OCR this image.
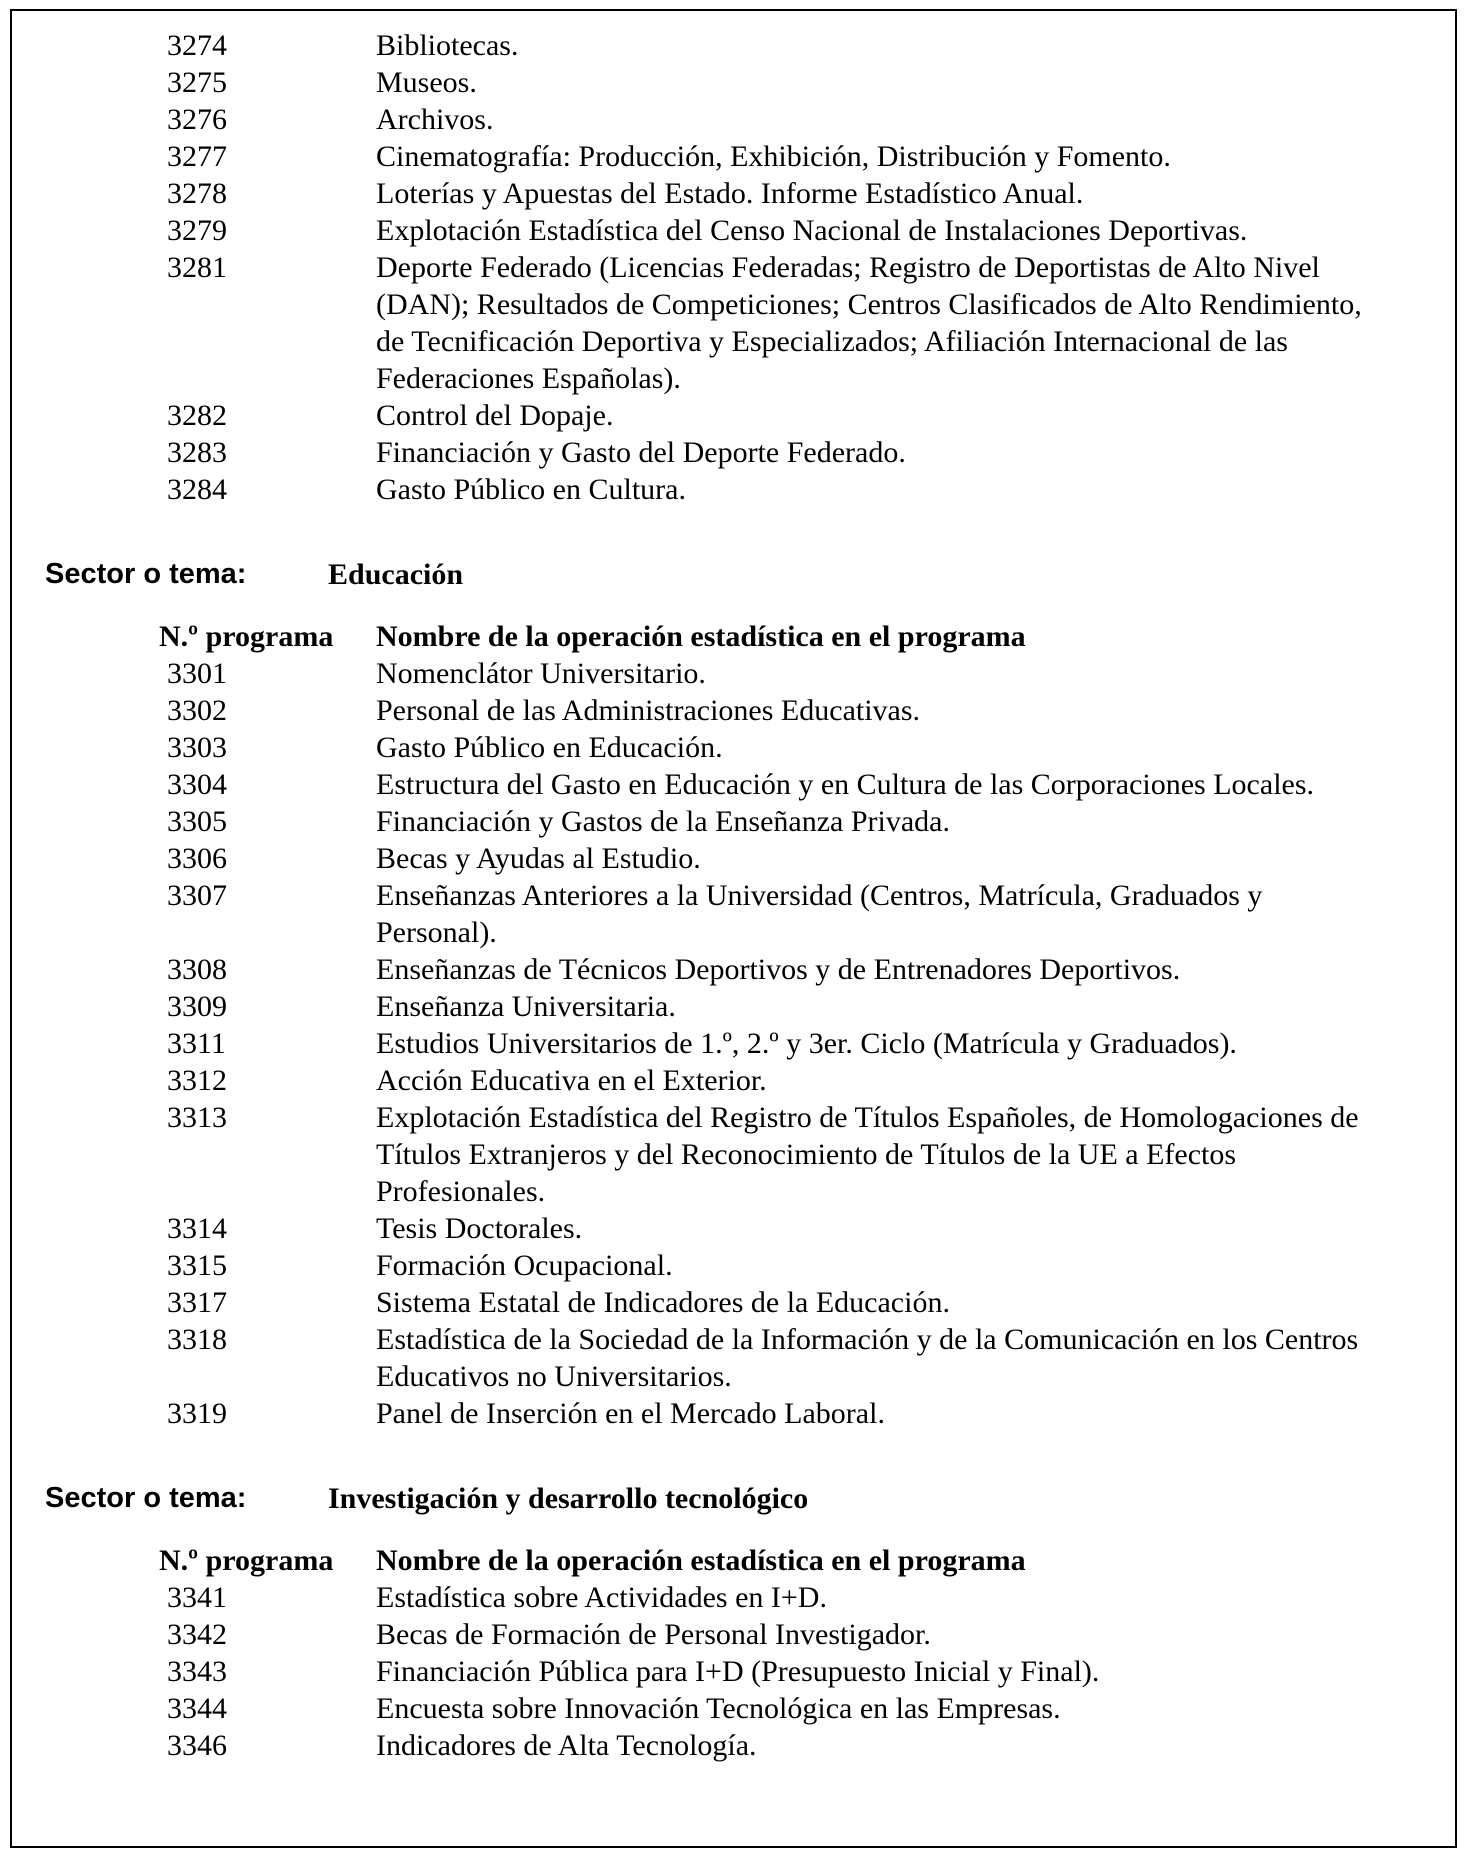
3274	Bibliotecas.
3275	Museos.
3276	Archivos.
3277	Cinematografía: Producción, Exhibición, Distribución y Fomento.
3278	Loterías y Apuestas del Estado. Informe Estadístico Anual.
3279	Explotación Estadística del Censo Nacional de Instalaciones Deportivas.
3281	Deporte Federado (Licencias Federadas; Registro de Deportistas de Alto Nivel
(DAN); Resultados de Competiciones; Centros Clasificados de Alto Rendimiento,
de Tecnificación Deportiva y Especializados; Afiliación Internacional de las
Federaciones Españolas).
3282	Control del Dopaje.
3283	Financiación y Gasto del Deporte Federado.
3284	Gasto Público en Cultura.
Sector o tema:	Educación
N.º programa Nombre de la operación estadística en el programa
3301	Nomenclátor Universitario.
3302	Personal de las Administraciones Educativas.
3303	Gasto Público en Educación.
3304	Estructura del Gasto en Educación y en Cultura de las Corporaciones Locales.
3305	Financiación y Gastos de la Enseñanza Privada.
3306	Becas y Ayudas al Estudio.
3307	Enseñanzas Anteriores a la Universidad (Centros, Matrícula, Graduados y
Personal).
3308	Enseñanzas de Técnicos Deportivos y de Entrenadores Deportivos.
3309	Enseñanza Universitaria.
3311	Estudios Universitarios de 1.º, 2.º y 3er. Ciclo (Matrícula y Graduados).
3312	Acción Educativa en el Exterior.
3313	Explotación Estadística del Registro de Títulos Españoles, de Homologaciones de
Títulos Extranjeros y del Reconocimiento de Títulos de la UE a Efectos
Profesionales.
3314	Tesis Doctorales.
3315	Formación Ocupacional.
3317	Sistema Estatal de Indicadores de la Educación.
3318	Estadística de la Sociedad de la Información y de la Comunicación en los Centros
Educativos no Universitarios.
3319	Panel de Inserción en el Mercado Laboral.
Sector o tema:	Investigación y desarrollo tecnológico
N.º programa Nombre de la operación estadística en el programa
3341	Estadística sobre Actividades en I+D.
3342	Becas de Formación de Personal Investigador.
3343	Financiación Pública para I+D (Presupuesto Inicial y Final).
3344	Encuesta sobre Innovación Tecnológica en las Empresas.
3346	Indicadores de Alta Tecnología.
